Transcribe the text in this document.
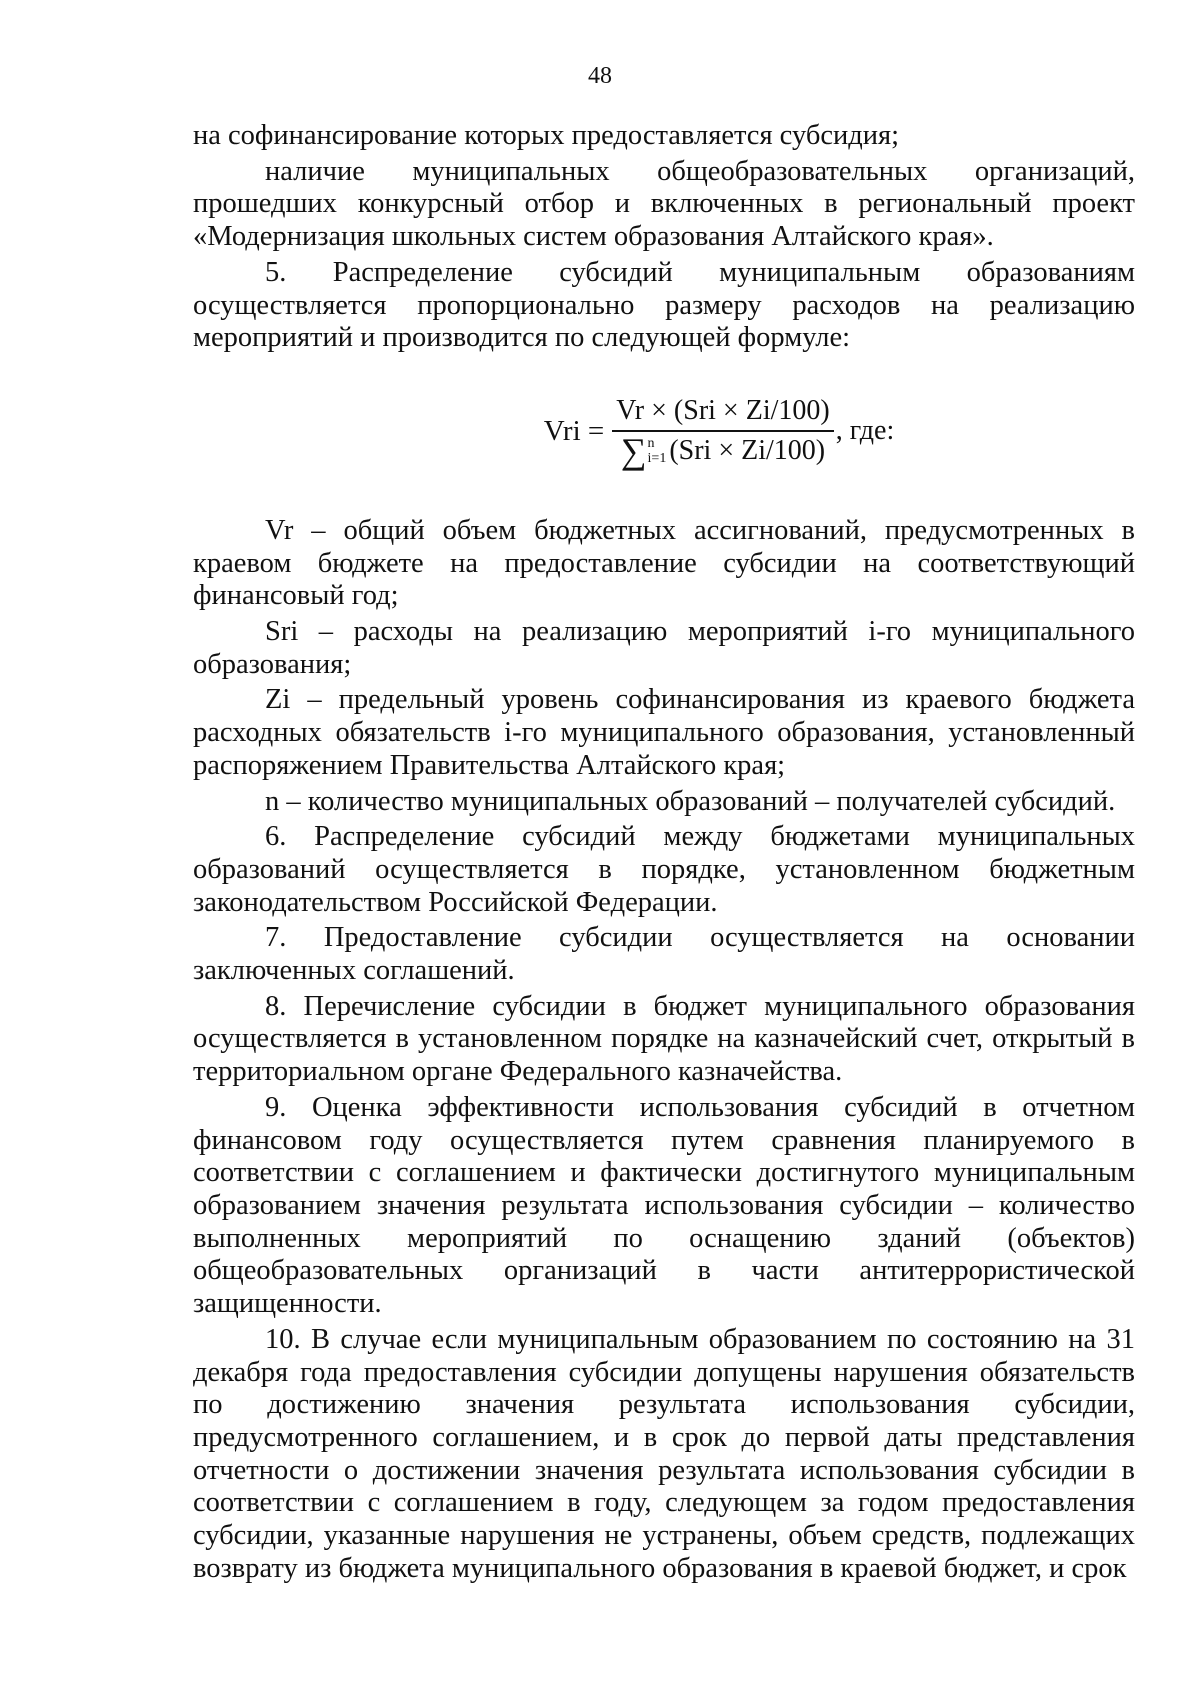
48

на софинансирование которых предоставляется субсидия;

наличие муниципальных общеобразовательных организаций, прошедших конкурсный отбор и включенных в региональный проект «Модернизация школьных систем образования Алтайского края».

5. Распределение субсидий муниципальным образованиям осуществляется пропорционально размеру расходов на реализацию мероприятий и производится по следующей формуле:

Vri =
Vr × (Sri × Zi/100)
∑ n
i=1 (Sri × Zi/100)
, где:

Vr – общий объем бюджетных ассигнований, предусмотренных в краевом бюджете на предоставление субсидии на соответствующий финансовый год;

Sri – расходы на реализацию мероприятий i-го муниципального образования;

Zi – предельный уровень софинансирования из краевого бюджета расходных обязательств i-го муниципального образования, установленный распоряжением Правительства Алтайского края;

n – количество муниципальных образований – получателей субсидий.

6. Распределение субсидий между бюджетами муниципальных образований осуществляется в порядке, установленном бюджетным законодательством Российской Федерации.

7. Предоставление субсидии осуществляется на основании заключенных соглашений.

8. Перечисление субсидии в бюджет муниципального образования осуществляется в установленном порядке на казначейский счет, открытый в территориальном органе Федерального казначейства.

9. Оценка эффективности использования субсидий в отчетном финансовом году осуществляется путем сравнения планируемого в соответствии с соглашением и фактически достигнутого муниципальным образованием значения результата использования субсидии – количество выполненных мероприятий по оснащению зданий (объектов) общеобразовательных организаций в части антитеррористической защищенности.

10. В случае если муниципальным образованием по состоянию на 31 декабря года предоставления субсидии допущены нарушения обязательств по достижению значения результата использования субсидии, предусмотренного соглашением, и в срок до первой даты представления отчетности о достижении значения результата использования субсидии в соответствии с соглашением в году, следующем за годом предоставления субсидии, указанные нарушения не устранены, объем средств, подлежащих возврату из бюджета муниципального образования в краевой бюджет, и срок
